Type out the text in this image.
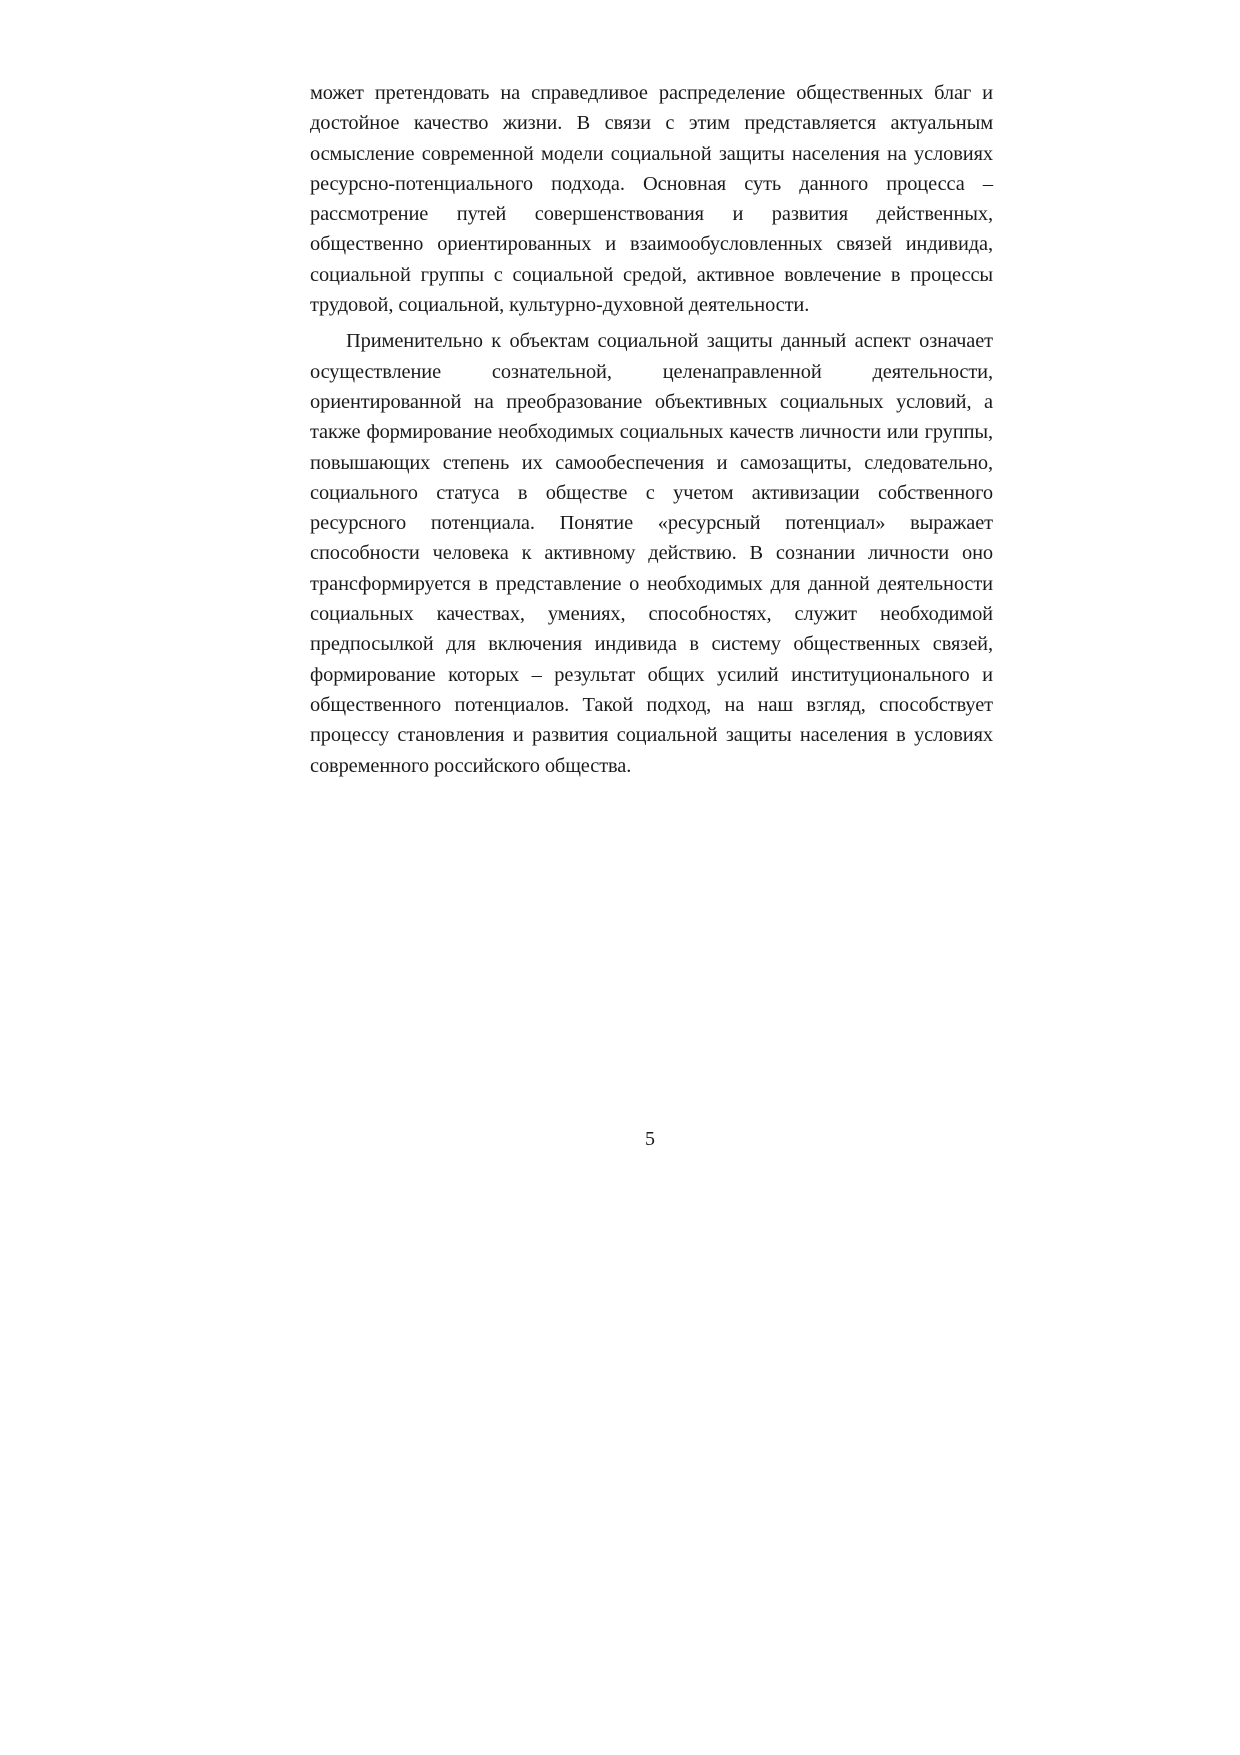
может претендовать на справедливое распределение общественных благ и достойное качество жизни. В связи с этим представляется актуальным осмысление современной модели социальной защиты населения на условиях ресурсно-потенциального подхода. Основная суть данного процесса – рассмотрение путей совершенствования и развития действенных, общественно ориентированных и взаимообусловленных связей индивида, социальной группы с социальной средой, активное вовлечение в процессы трудовой, социальной, культурно-духовной деятельности.

Применительно к объектам социальной защиты данный аспект означает осуществление сознательной, целенаправленной деятельности, ориентированной на преобразование объективных социальных условий, а также формирование необходимых социальных качеств личности или группы, повышающих степень их самообеспечения и самозащиты, следовательно, социального статуса в обществе с учетом активизации собственного ресурсного потенциала. Понятие «ресурсный потенциал» выражает способности человека к активному действию. В сознании личности оно трансформируется в представление о необходимых для данной деятельности социальных качествах, умениях, способностях, служит необходимой предпосылкой для включения индивида в систему общественных связей, формирование которых – результат общих усилий институционального и общественного потенциалов. Такой подход, на наш взгляд, способствует процессу становления и развития социальной защиты населения в условиях современного российского общества.

5
